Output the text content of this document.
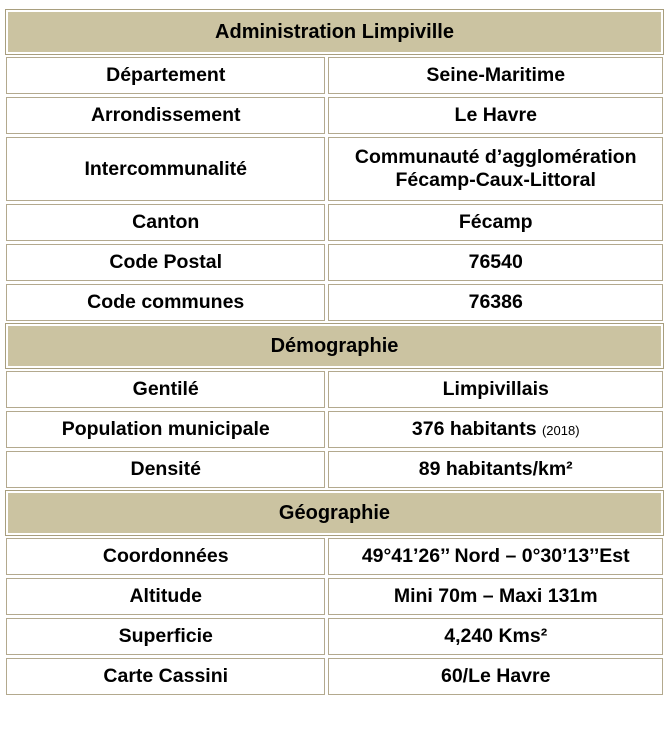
Administration Limpiville	
Département	Seine-Maritime
Arrondissement	Le Havre
Intercommunalité	Communauté d’agglomération
Fécamp-Caux-Littoral

Canton	Fécamp
Code Postal	76540
Code communes	76386
Démographie	
Gentilé	Limpivillais
Population municipale	376 habitants (2018)
Densité	89 habitants/km²
Géographie	
Coordonnées	49°41’26’’ Nord – 0°30’13’’Est
Altitude	Mini 70m – Maxi 131m
Superficie	4,240 Kms²
Carte Cassini	60/Le Havre
